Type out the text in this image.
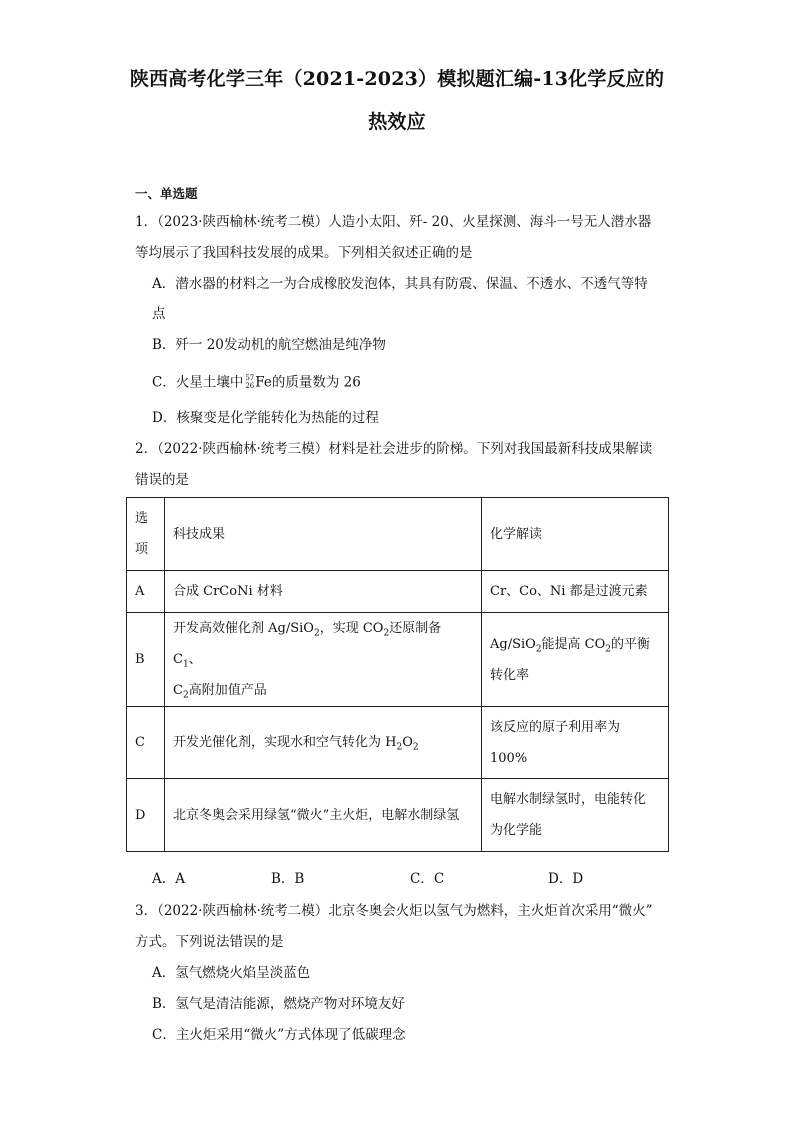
陕西高考化学三年（2021-2023）模拟题汇编-13化学反应的
热效应
一、单选题
1．（2023·陕西榆林·统考二模）人造小太阳、歼- 20、火星探测、海斗一号无人潜水器
等均展示了我国科技发展的成果。下列相关叙述正确的是
A．潜水器的材料之一为合成橡胶发泡体，其具有防震、保温、不透水、不透气等特
点
B．歼一 20发动机的航空燃油是纯净物
C．火星土壤中 57
26 Fe的质量数为 26
D．核聚变是化学能转化为热能的过程
2．（2022·陕西榆林·统考三模）材料是社会进步的阶梯。下列对我国最新科技成果解读
错误的是
选
项	科技成果	化学解读
A	合成 CrCoNi 材料	Cr、Co、Ni 都是过渡元素
B	开发高效催化剂 Ag/SiO$_2$，实现 $CO_2$还原制备 $C_1$、
$C_2$高附加值产品	Ag/SiO$_2$能提高 $CO_2$的平衡
转化率
C	开发光催化剂，实现水和空气转化为 $H_2O_2$	该反应的原子利用率为
100%
D	北京冬奥会采用绿氢“微火”主火炬，电解水制绿氢	电解水制绿氢时，电能转化
为化学能
A．A	B．B	C．C	D．D
3．（2022·陕西榆林·统考二模）北京冬奥会火炬以氢气为燃料，主火炬首次采用“微火”
方式。下列说法错误的是
A．氢气燃烧火焰呈淡蓝色
B．氢气是清洁能源，燃烧产物对环境友好
C．主火炬采用“微火”方式体现了低碳理念
